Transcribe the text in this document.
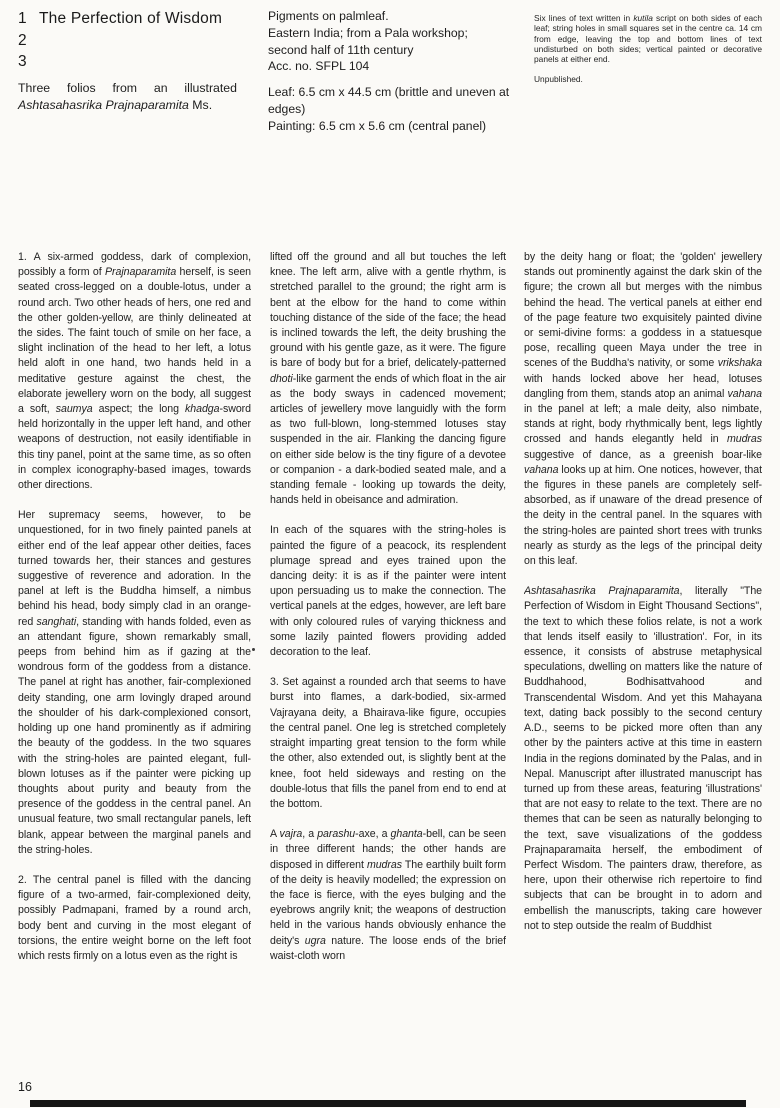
1 The Perfection of Wisdom
2
3

Three folios from an illustrated Ashtasahasrika Prajnaparamita Ms.

Pigments on palmleaf.

Eastern India; from a Pala workshop;

second half of 11th century

Acc. no. SFPL 104

Leaf: 6.5 cm x 44.5 cm (brittle and uneven at edges)

Painting: 6.5 cm x 5.6 cm (central panel)

Six lines of text written in kutila script on both sides of each leaf; string holes in small squares set in the centre ca. 14 cm from edge, leaving the top and bottom lines of text undisturbed on both sides; vertical painted or decorative panels at either end.

Unpublished.

1. A six-armed goddess, dark of complexion, possibly a form of Prajnaparamita herself, is seen seated cross-legged on a double-lotus, under a round arch. Two other heads of hers, one red and the other golden-yellow, are thinly delineated at the sides. The faint touch of smile on her face, a slight inclination of the head to her left, a lotus held aloft in one hand, two hands held in a meditative gesture against the chest, the elaborate jewellery worn on the body, all suggest a soft, saumya aspect; the long khadga-sword held horizontally in the upper left hand, and other weapons of destruction, not easily identifiable in this tiny panel, point at the same time, as so often in complex iconography-based images, towards other directions.

Her supremacy seems, however, to be unquestioned, for in two finely painted panels at either end of the leaf appear other deities, faces turned towards her, their stances and gestures suggestive of reverence and adoration. In the panel at left is the Buddha himself, a nimbus behind his head, body simply clad in an orange-red sanghati, standing with hands folded, even as an attendant figure, shown remarkably small, peeps from behind him as if gazing at the wondrous form of the goddess from a distance. The panel at right has another, fair-complexioned deity standing, one arm lovingly draped around the shoulder of his dark-complexioned consort, holding up one hand prominently as if admiring the beauty of the goddess. In the two squares with the string-holes are painted elegant, full-blown lotuses as if the painter were picking up thoughts about purity and beauty from the presence of the goddess in the central panel. An unusual feature, two small rectangular panels, left blank, appear between the marginal panels and the string-holes.

2. The central panel is filled with the dancing figure of a two-armed, fair-complexioned deity, possibly Padmapani, framed by a round arch, body bent and curving in the most elegant of torsions, the entire weight borne on the left foot which rests firmly on a lotus even as the right is

lifted off the ground and all but touches the left knee. The left arm, alive with a gentle rhythm, is stretched parallel to the ground; the right arm is bent at the elbow for the hand to come within touching distance of the side of the face; the head is inclined towards the left, the deity brushing the ground with his gentle gaze, as it were. The figure is bare of body but for a brief, delicately-patterned dhoti-like garment the ends of which float in the air as the body sways in cadenced movement; articles of jewellery move languidly with the form as two full-blown, long-stemmed lotuses stay suspended in the air. Flanking the dancing figure on either side below is the tiny figure of a devotee or companion - a dark-bodied seated male, and a standing female - looking up towards the deity, hands held in obeisance and admiration.

In each of the squares with the string-holes is painted the figure of a peacock, its resplendent plumage spread and eyes trained upon the dancing deity: it is as if the painter were intent upon persuading us to make the connection. The vertical panels at the edges, however, are left bare with only coloured rules of varying thickness and some lazily painted flowers providing added decoration to the leaf.

3. Set against a rounded arch that seems to have burst into flames, a dark-bodied, six-armed Vajrayana deity, a Bhairava-like figure, occupies the central panel. One leg is stretched completely straight imparting great tension to the form while the other, also extended out, is slightly bent at the knee, foot held sideways and resting on the double-lotus that fills the panel from end to end at the bottom.

A vajra, a parashu-axe, a ghanta-bell, can be seen in three different hands; the other hands are disposed in different mudras The earthily built form of the deity is heavily modelled; the expression on the face is fierce, with the eyes bulging and the eyebrows angrily knit; the weapons of destruction held in the various hands obviously enhance the deity's ugra nature. The loose ends of the brief waist-cloth worn

by the deity hang or float; the 'golden' jewellery stands out prominently against the dark skin of the figure; the crown all but merges with the nimbus behind the head. The vertical panels at either end of the page feature two exquisitely painted divine or semi-divine forms: a goddess in a statuesque pose, recalling queen Maya under the tree in scenes of the Buddha's nativity, or some vrikshaka with hands locked above her head, lotuses dangling from them, stands atop an animal vahana in the panel at left; a male deity, also nimbate, stands at right, body rhythmically bent, legs lightly crossed and hands elegantly held in mudras suggestive of dance, as a greenish boar-like vahana looks up at him. One notices, however, that the figures in these panels are completely self-absorbed, as if unaware of the dread presence of the deity in the central panel. In the squares with the string-holes are painted short trees with trunks nearly as sturdy as the legs of the principal deity on this leaf.

Ashtasahasrika Prajnaparamita, literally "The Perfection of Wisdom in Eight Thousand Sections", the text to which these folios relate, is not a work that lends itself easily to 'illustration'. For, in its essence, it consists of abstruse metaphysical speculations, dwelling on matters like the nature of Buddhahood, Bodhisattvahood and Transcendental Wisdom. And yet this Mahayana text, dating back possibly to the second century A.D., seems to be picked more often than any other by the painters active at this time in eastern India in the regions dominated by the Palas, and in Nepal. Manuscript after illustrated manuscript has turned up from these areas, featuring 'illustrations' that are not easy to relate to the text. There are no themes that can be seen as naturally belonging to the text, save visualizations of the goddess Prajnaparamaita herself, the embodiment of Perfect Wisdom. The painters draw, therefore, as here, upon their otherwise rich repertoire to find subjects that can be brought in to adorn and embellish the manuscripts, taking care however not to step outside the realm of Buddhist

16
